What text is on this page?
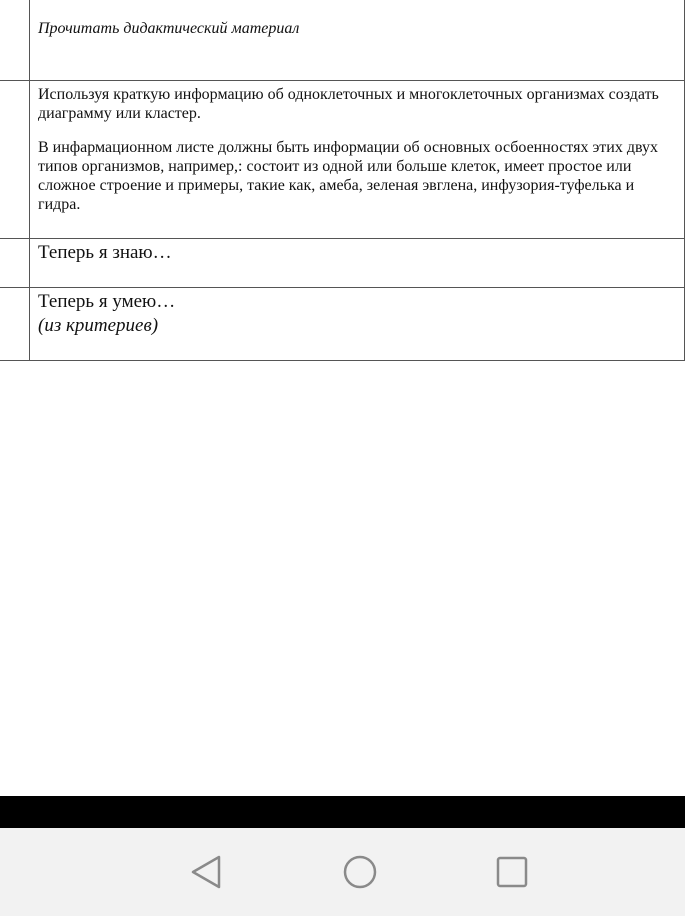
Прочитать дидактический материал

Используя краткую информацию об одноклеточных и многоклеточных организмах создать диаграмму или кластер.

В инфармационном листе должны быть информации об основных осбоенностях этих двух типов организмов, например,: состоит из одной или больше клеток, имеет простое или сложное строение и примеры, такие как, амеба, зеленая эвглена, инфузория-туфелька и гидра.

Теперь я знаю…

Теперь я умею…

(из критериев)
